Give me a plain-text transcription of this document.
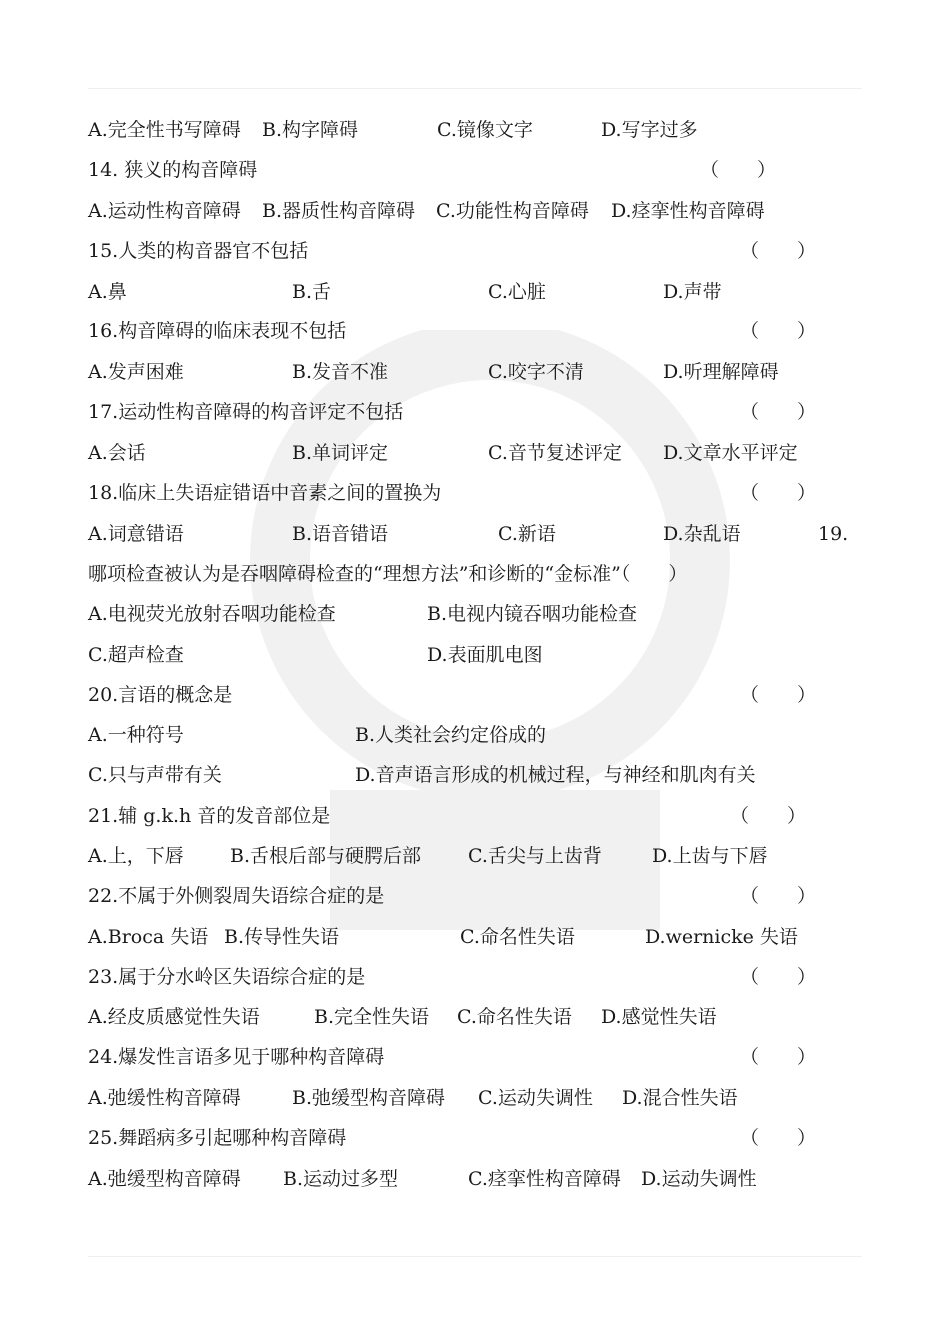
A.完全性书写障碍 B.构字障碍	C.镜像文字	D.写字过多
14. 狭义的构音障碍	（　　）
A.运动性构音障碍 B.器质性构音障碍 C.功能性构音障碍 D.痉挛性构音障碍
15.人类的构音器官不包括	（　　）
A.鼻	B.舌	C.心脏	D.声带
16.构音障碍的临床表现不包括	（　　）
A.发声困难	B.发音不准	C.咬字不清	D.听理解障碍
17.运动性构音障碍的构音评定不包括	（　　）
A.会话	B.单词评定	C.音节复述评定 D.文章水平评定
18.临床上失语症错语中音素之间的置换为	（　　）
A.词意错语	B.语音错语	C.新语	D.杂乱语	19.
哪项检查被认为是吞咽障碍检查的“理想方法”和诊断的“金标准”（　　）
A.电视荧光放射吞咽功能检查	B.电视内镜吞咽功能检查
C.超声检查	D.表面肌电图
20.言语的概念是	（　　）
A.一种符号	B.人类社会约定俗成的
C.只与声带有关	D.音声语言形成的机械过程，与神经和肌肉有关
21.辅 g.k.h 音的发音部位是	（　　）
A.上，下唇 B.舌根后部与硬腭后部 C.舌尖与上齿背	D.上齿与下唇
22.不属于外侧裂周失语综合症的是	（　　）
A.Broca 失语 B.传导性失语	C.命名性失语	D.wernicke 失语
23.属于分水岭区失语综合症的是	（　　）
A.经皮质感觉性失语	B.完全性失语 C.命名性失语 D.感觉性失语
24.爆发性言语多见于哪种构音障碍	（　　）
A.弛缓性构音障碍	B.弛缓型构音障碍 C.运动失调性 D.混合性失语
25.舞蹈病多引起哪种构音障碍	（　　）
A.弛缓型构音障碍 B.运动过多型	C.痉挛性构音障碍 D.运动失调性
